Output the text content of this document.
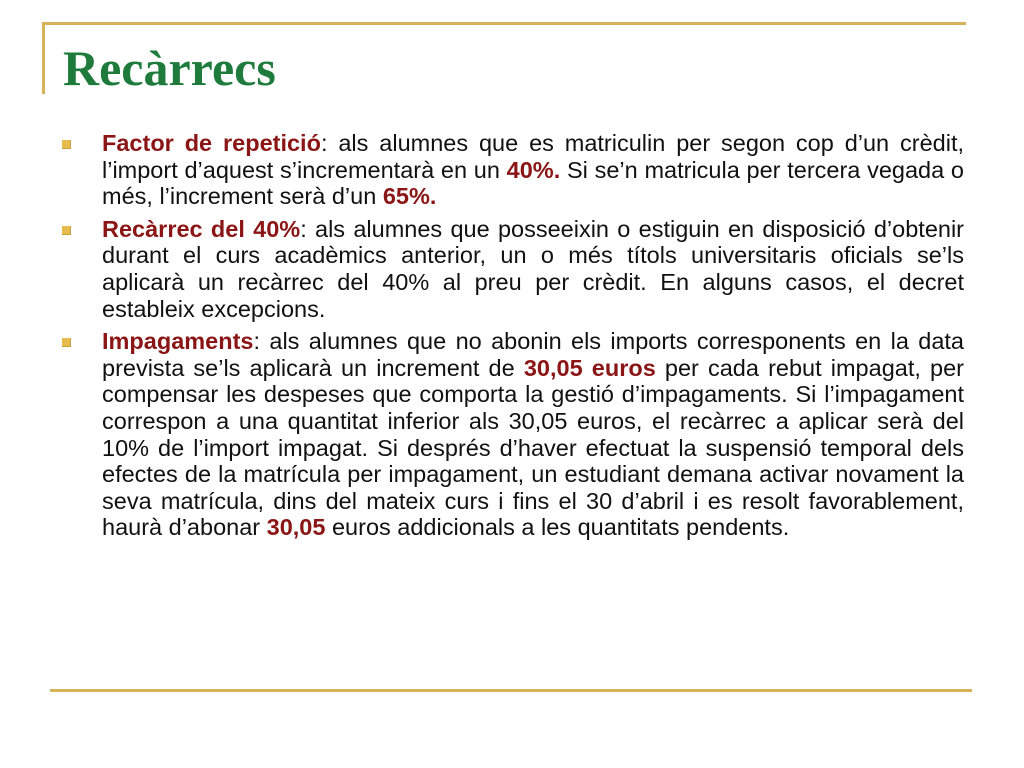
Recàrrecs
Factor de repetició: als alumnes que es matriculin per segon cop d’un crèdit, l’import d’aquest s’incrementarà en un 40%. Si se’n matricula per tercera vegada o més, l’increment serà d’un 65%.
Recàrrec del 40%: als alumnes que posseeixin o estiguin en disposició d’obtenir durant el curs acadèmics anterior, un o més títols universitaris oficials se’ls aplicarà un recàrrec del 40% al preu per crèdit. En alguns casos, el decret estableix excepcions.
Impagaments: als alumnes que no abonin els imports corresponents en la data prevista se’ls aplicarà un increment de 30,05 euros per cada rebut impagat, per compensar les despeses que comporta la gestió d’impagaments. Si l’impagament correspon a una quantitat inferior als 30,05 euros, el recàrrec a aplicar serà del 10% de l’import impagat. Si després d’haver efectuat la suspensió temporal dels efectes de la matrícula per impagament, un estudiant demana activar novament la seva matrícula, dins del mateix curs i fins el 30 d’abril i es resolt favorablement, haurà d’abonar 30,05 euros addicionals a les quantitats pendents.
